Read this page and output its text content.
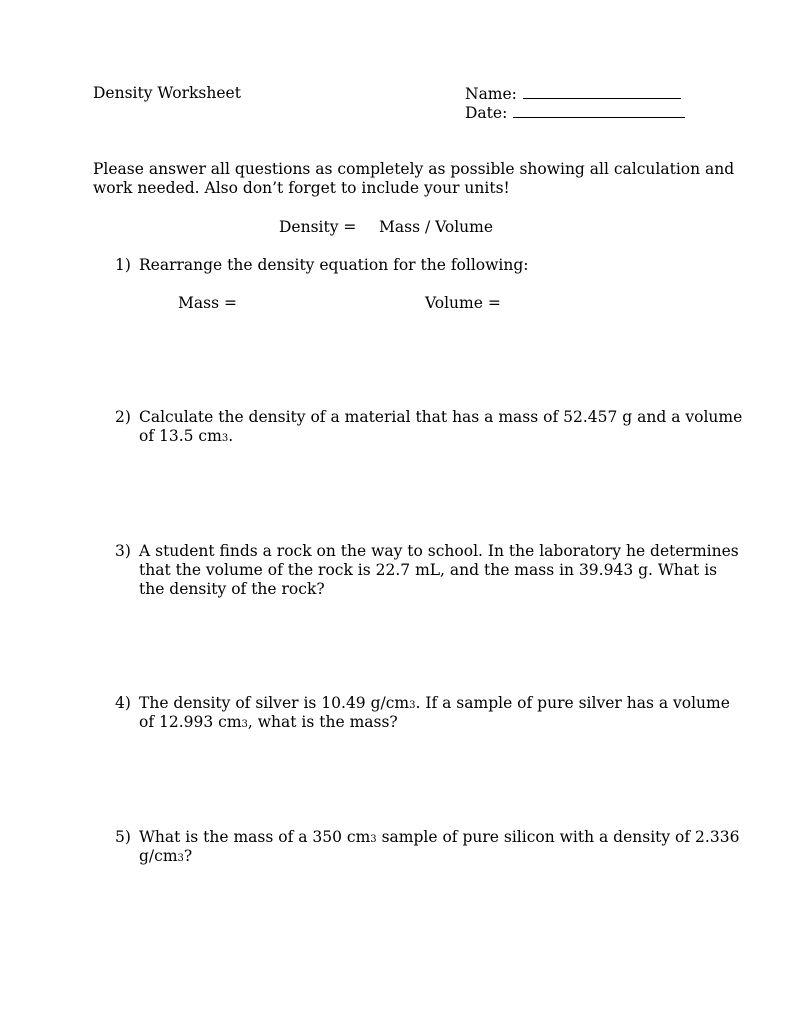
Density Worksheet	Name:
Date:
Please answer all questions as completely as possible showing all calculation and
work needed. Also don’t forget to include your units!
Density = Mass / Volume
1) Rearrange the density equation for the following:
Mass =	Volume =
2) Calculate the density of a material that has a mass of 52.457 g and a volume
of 13.5 cm3.
3) A student finds a rock on the way to school. In the laboratory he determines
that the volume of the rock is 22.7 mL, and the mass in 39.943 g. What is
the density of the rock?
4) The density of silver is 10.49 g/cm3. If a sample of pure silver has a volume
of 12.993 cm3, what is the mass?
5) What is the mass of a 350 cm3 sample of pure silicon with a density of 2.336
g/cm3?
